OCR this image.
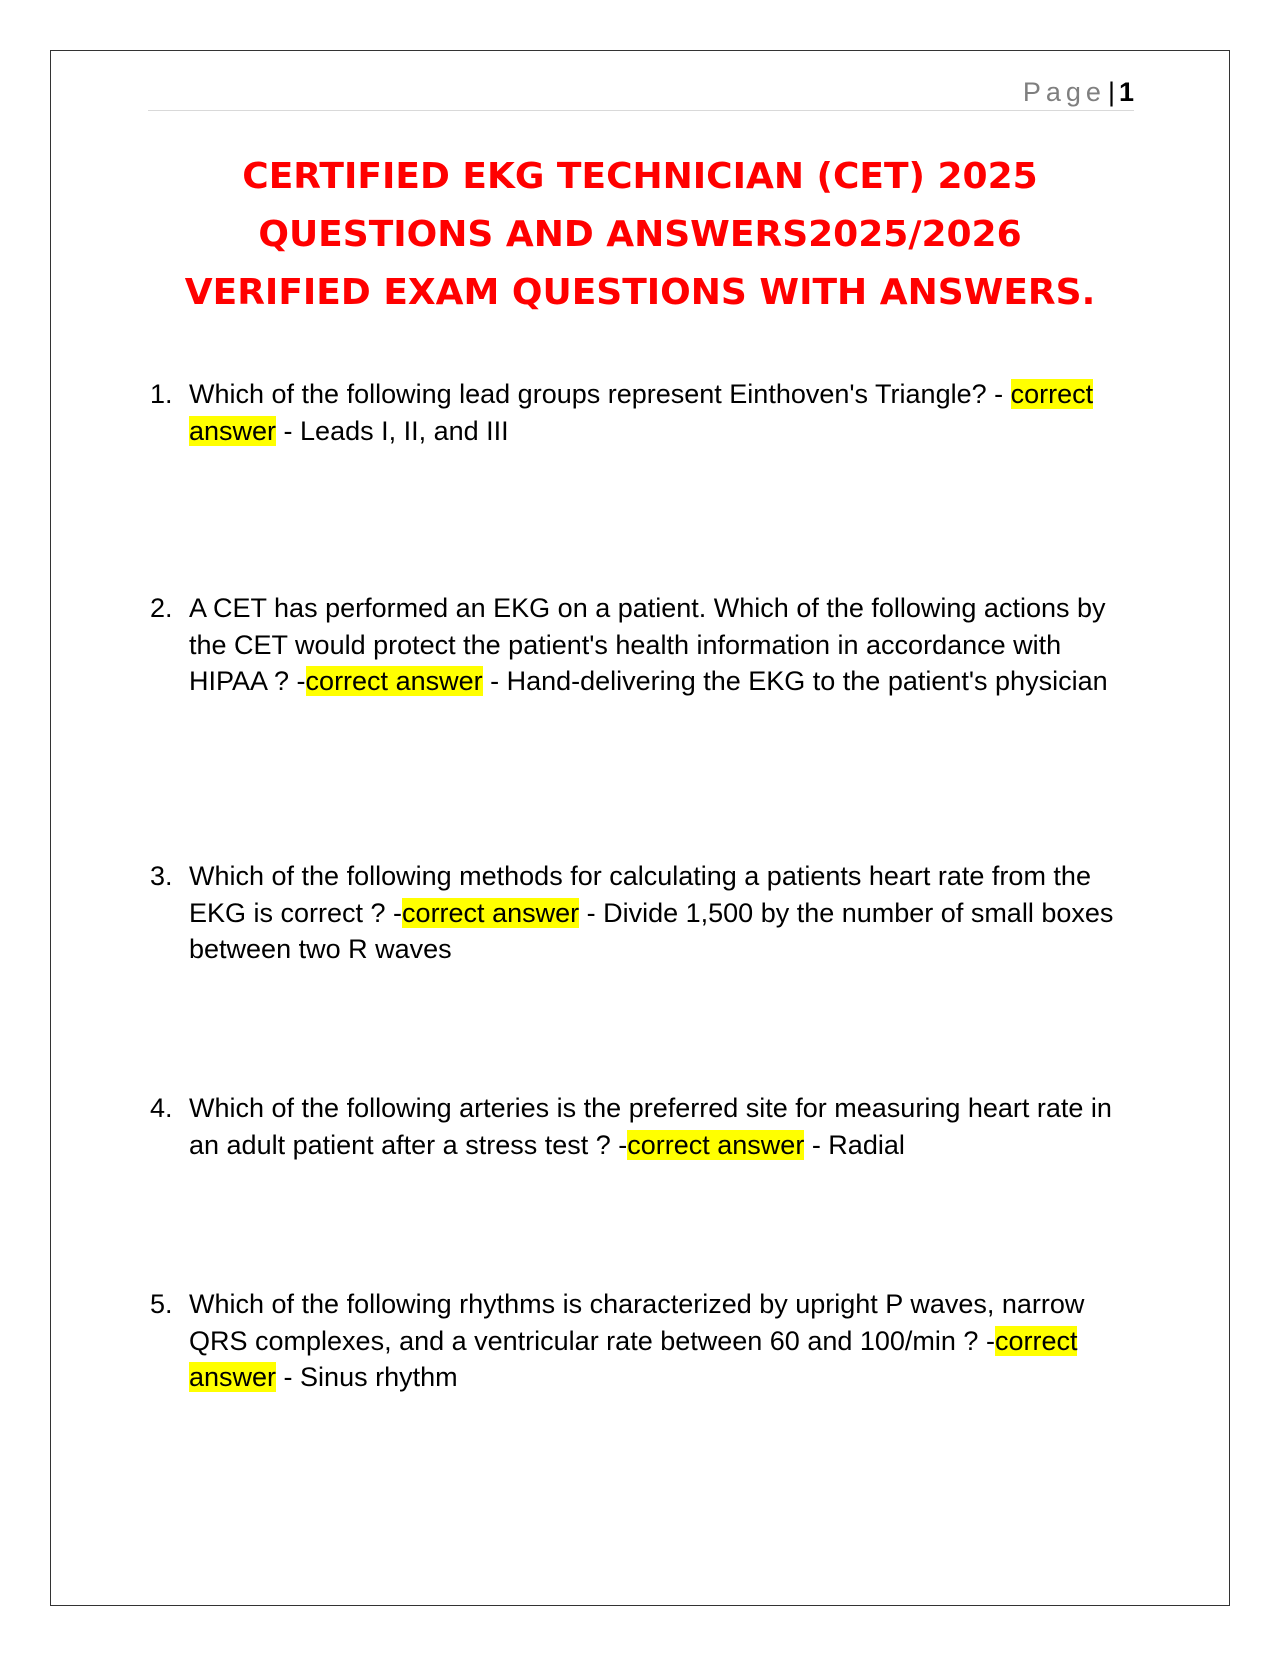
Page| 1
CERTIFIED EKG TECHNICIAN (CET) 2025
QUESTIONS AND ANSWERS2025/2026
VERIFIED EXAM QUESTIONS WITH ANSWERS.
1. Which of the following lead groups represent Einthoven's Triangle? - correct answer - Leads I, II, and III
2. A CET has performed an EKG on a patient. Which of the following actions by the CET would protect the patient's health information in accordance with HIPAA ? -correct answer - Hand-delivering the EKG to the patient's physician
3. Which of the following methods for calculating a patients heart rate from the EKG is correct ? -correct answer - Divide 1,500 by the number of small boxes between two R waves
4. Which of the following arteries is the preferred site for measuring heart rate in an adult patient after a stress test ? -correct answer - Radial
5. Which of the following rhythms is characterized by upright P waves, narrow QRS complexes, and a ventricular rate between 60 and 100/min ? -correct answer - Sinus rhythm
